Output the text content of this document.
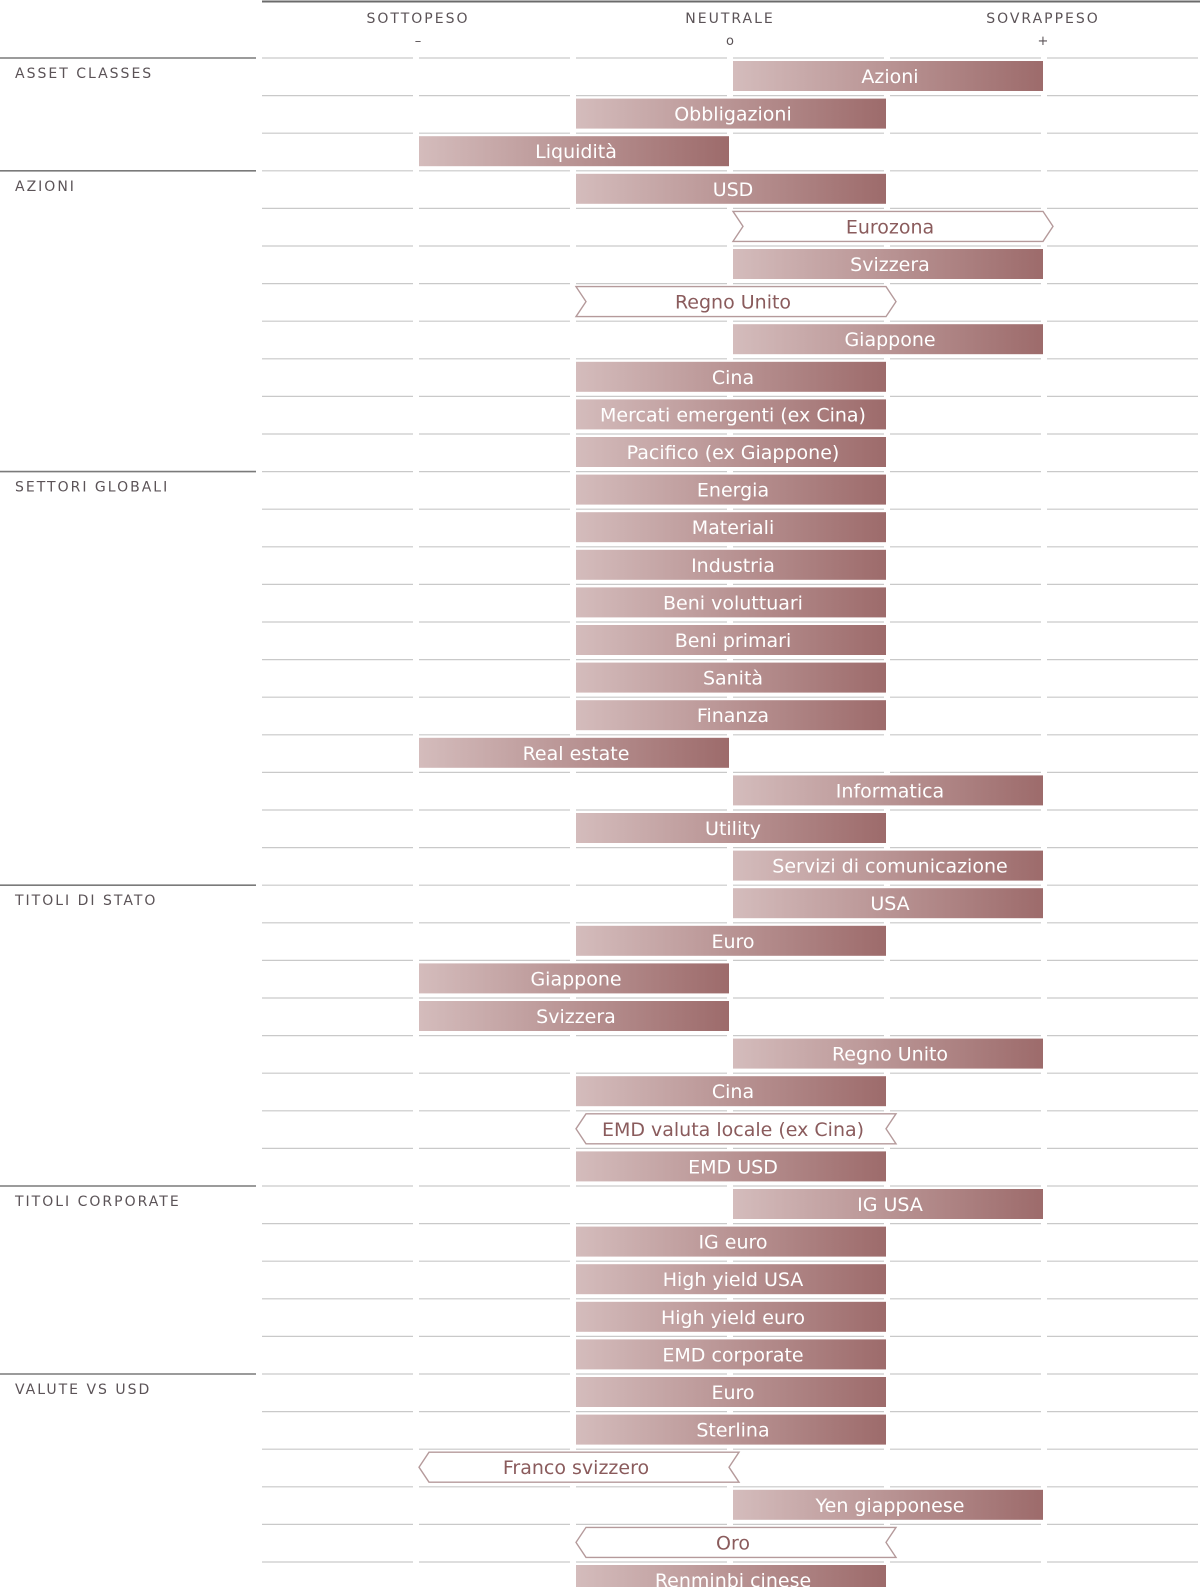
SOTTOPESO
–
NEUTRALE
o
SOVRAPPESO
+
ASSET CLASSES
AZIONI
SETTORI GLOBALI
TITOLI DI STATO
TITOLI CORPORATE
VALUTE VS USD
Azioni
Obbligazioni
Liquidità
USD
Eurozona
Svizzera
Regno Unito
Giappone
Cina
Mercati emergenti (ex Cina)
Pacifico (ex Giappone)
Energia
Materiali
Industria
Beni voluttuari
Beni primari
Sanità
Finanza
Real estate
Informatica
Utility
Servizi di comunicazione
USA
Euro
Giappone
Svizzera
Regno Unito
Cina
EMD valuta locale (ex Cina)
EMD USD
IG USA
IG euro
High yield USA
High yield euro
EMD corporate
Euro
Sterlina
Franco svizzero
Yen giapponese
Oro
Renminbi cinese
